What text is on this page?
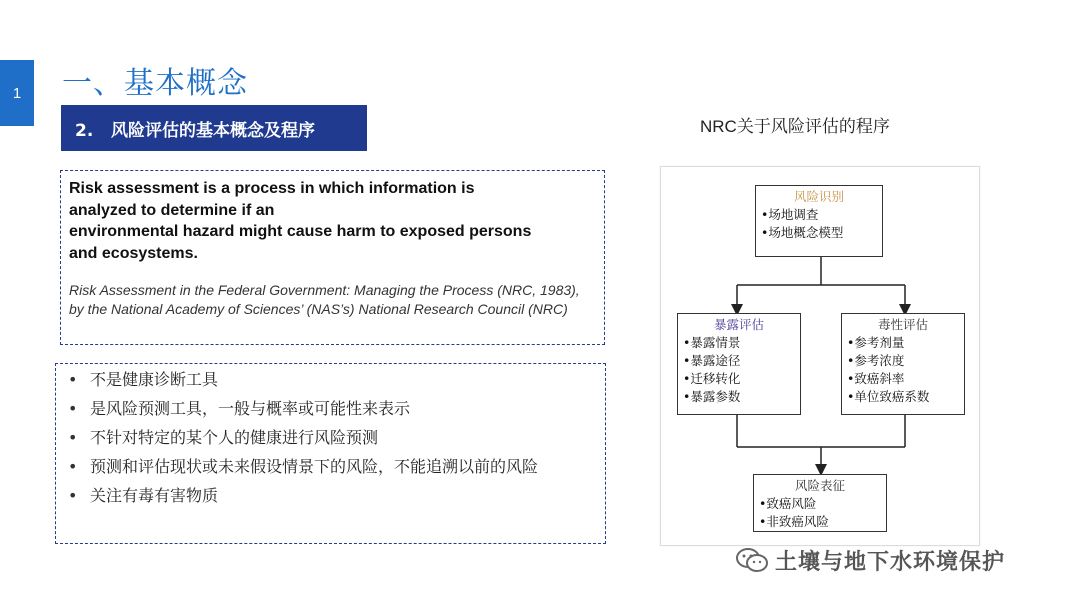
1 一、基本概念
2.   风险评估的基本概念及程序

Risk assessment is a process in which information is
analyzed to determine if an
environmental hazard might cause harm to exposed persons
and ecosystems.

Risk Assessment in the Federal Government: Managing the Process (NRC, 1983), by the National Academy of Sciences’ (NAS’s) National Research Council (NRC)
• 不是健康诊断工具
• 是风险预测工具，一般与概率或可能性来表示
• 不针对特定的某个人的健康进行风险预测
• 预测和评估现状或未来假设情景下的风险，不能追溯以前的风险
• 关注有毒有害物质
NRC关于风险评估的程序
风险识别
• 场地调查
• 场地概念模型
暴露评估
• 暴露情景
• 暴露途径
• 迁移转化
• 暴露参数
毒性评估
• 参考剂量
• 参考浓度
• 致癌斜率
• 单位致癌系数
风险表征
• 致癌风险
• 非致癌风险
土壤与地下水环境保护
